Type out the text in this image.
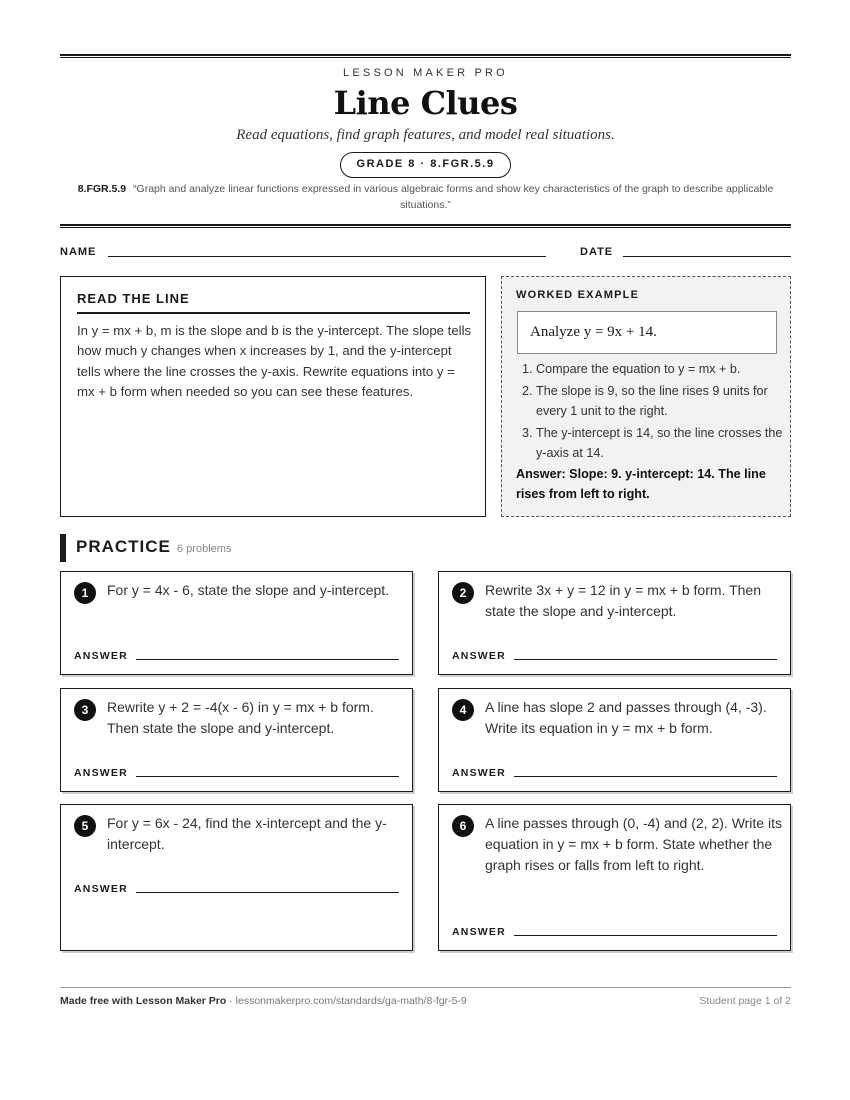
LESSON MAKER PRO
Line Clues
Read equations, find graph features, and model real situations.
GRADE 8 · 8.FGR.5.9
8.FGR.5.9 “Graph and analyze linear functions expressed in various algebraic forms and show key characteristics of the graph to describe applicable situations.”
NAME	DATE
READ THE LINE
In y = mx + b, m is the slope and b is the y-intercept. The slope tells how much y changes when x increases by 1, and the y-intercept tells where the line crosses the y-axis. Rewrite equations into y = mx + b form when needed so you can see these features.
WORKED EXAMPLE
Analyze y = 9x + 14.
1. Compare the equation to y = mx + b.
2. The slope is 9, so the line rises 9 units for every 1 unit to the right.
3. The y-intercept is 14, so the line crosses the y-axis at 14.
Answer: Slope: 9. y-intercept: 14. The line rises from left to right.
PRACTICE 6 problems
1	For y = 4x - 6, state the slope and y-intercept.
ANSWER
2	Rewrite 3x + y = 12 in y = mx + b form. Then state the slope and y-intercept.
ANSWER
3	Rewrite y + 2 = -4(x - 6) in y = mx + b form. Then state the slope and y-intercept.
ANSWER
4	A line has slope 2 and passes through (4, -3). Write its equation in y = mx + b form.
ANSWER
5	For y = 6x - 24, find the x-intercept and the y-intercept.
ANSWER
6	A line passes through (0, -4) and (2, 2). Write its equation in y = mx + b form. State whether the graph rises or falls from left to right.
ANSWER
Made free with Lesson Maker Pro · lessonmakerpro.com/standards/ga-math/8-fgr-5-9	Student page 1 of 2
